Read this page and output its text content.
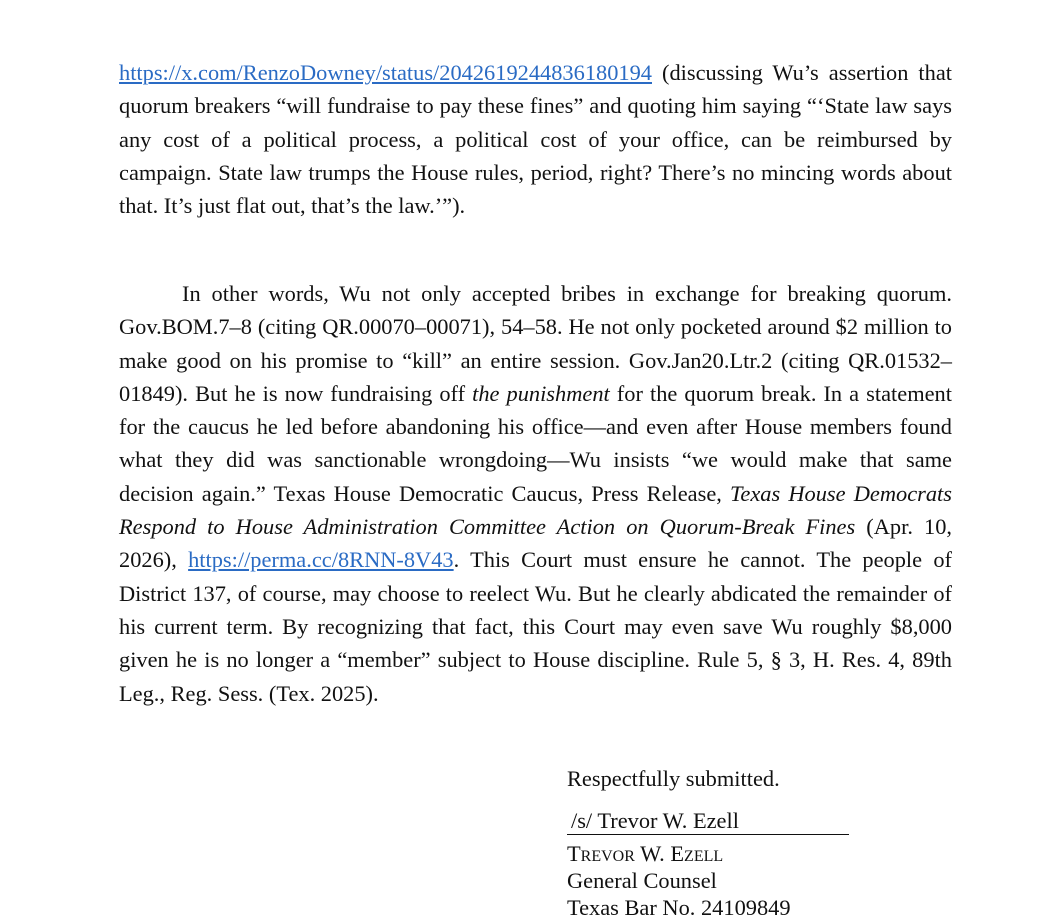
https://x.com/RenzoDowney/status/2042619244836180194 (discussing Wu’s assertion that quorum breakers “will fundraise to pay these fines” and quoting him saying “‘State law says any cost of a political process, a political cost of your office, can be reimbursed by campaign. State law trumps the House rules, period, right? There’s no mincing words about that. It’s just flat out, that’s the law.’”).

In other words, Wu not only accepted bribes in exchange for breaking quorum. Gov.BOM.7–8 (citing QR.00070–00071), 54–58. He not only pocketed around $2 million to make good on his promise to “kill” an entire session. Gov.Jan20.Ltr.2 (citing QR.01532–01849). But he is now fundraising off the punishment for the quorum break. In a statement for the caucus he led before abandoning his office—and even after House members found what they did was sanctionable wrongdoing—Wu insists “we would make that same decision again.” Texas House Democratic Caucus, Press Release, Texas House Democrats Respond to House Administration Committee Action on Quorum-Break Fines (Apr. 10, 2026), https://perma.cc/8RNN-8V43. This Court must ensure he cannot. The people of District 137, of course, may choose to reelect Wu. But he clearly abdicated the remainder of his current term. By recognizing that fact, this Court may even save Wu roughly $8,000 given he is no longer a “member” subject to House discipline. Rule 5, § 3, H. Res. 4, 89th Leg., Reg. Sess. (Tex. 2025).

Respectfully submitted.
/s/ Trevor W. Ezell
Trevor W. Ezell
General Counsel
Texas Bar No. 24109849
